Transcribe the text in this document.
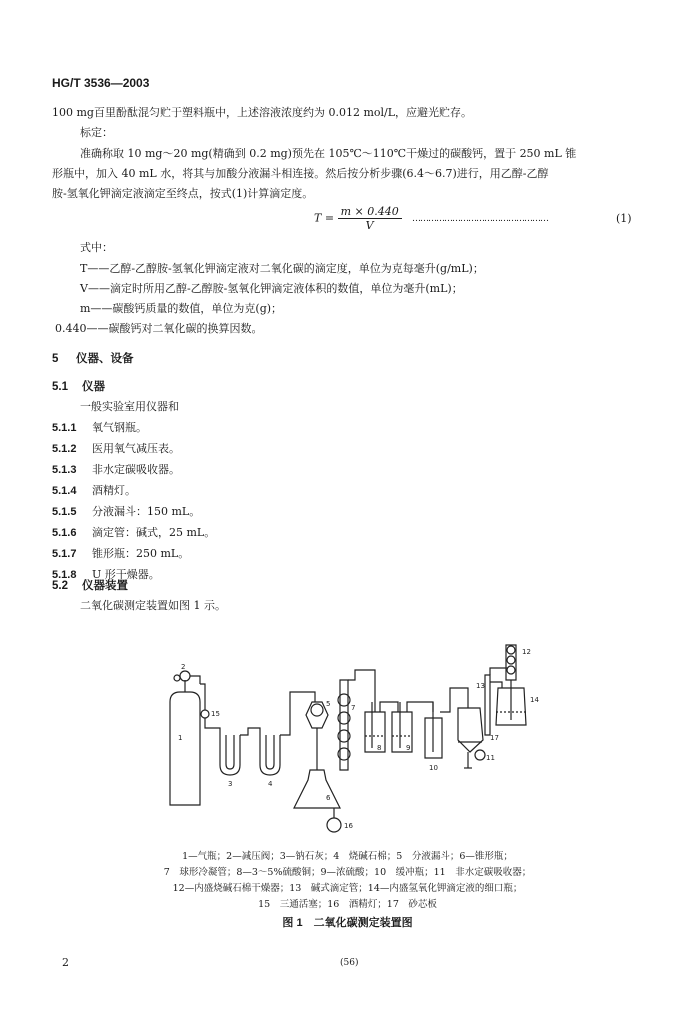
HG/T 3536—2003
100 mg百里酚酞混匀贮于塑料瓶中，上述溶液浓度约为 0.012 mol/L，应避光贮存。
标定：
准确称取 10 mg～20 mg(精确到 0.2 mg)预先在 105℃～110℃干燥过的碳酸钙，置于 250 mL 锥
形瓶中，加入 40 mL 水，将其与加酸分液漏斗相连接。然后按分析步骤(6.4～6.7)进行，用乙醇-乙醇
胺-氢氧化钾滴定液滴定至终点，按式(1)计算滴定度。
$T = \frac{m \times 0.440}{V}$ ……………………………………………	(1)
式中：
T——乙醇-乙醇胺-氢氧化钾滴定液对二氧化碳的滴定度，单位为克每毫升(g/mL)；
V——滴定时所用乙醇-乙醇胺-氢氧化钾滴定液体积的数值，单位为毫升(mL)；
m——碳酸钙质量的数值，单位为克(g)；
0.440——碳酸钙对二氧化碳的换算因数。
5 仪器、设备
5.1 仪器
一般实验室用仪器和
5.1.1 氧气钢瓶。
5.1.2 医用氧气减压表。
5.1.3 非水定碳吸收器。
5.1.4 酒精灯。
5.1.5 分液漏斗：150 mL。
5.1.6 滴定管：碱式，25 mL。
5.1.7 锥形瓶：250 mL。
5.1.8 U 形干燥器。
5.2 仪器装置
二氧化碳测定装置如图 1 示。
1
2
3	4
5
6
7
8	9
10
11
12
13
14
15
16
17
1—气瓶；2—减压阀；3—钠石灰；4　烧碱石棉；5　分液漏斗；6—锥形瓶；
7　球形冷凝管；8—3～5%硫酸铜；9—浓硫酸；10　缓冲瓶；11　非水定碳吸收器；
12—内盛烧碱石棉干燥器；13　碱式滴定管；14—内盛氢氧化钾滴定液的细口瓶；
15　三通活塞；16　酒精灯；17　砂芯板
图 1　二氧化碳测定装置图
2	(56)
